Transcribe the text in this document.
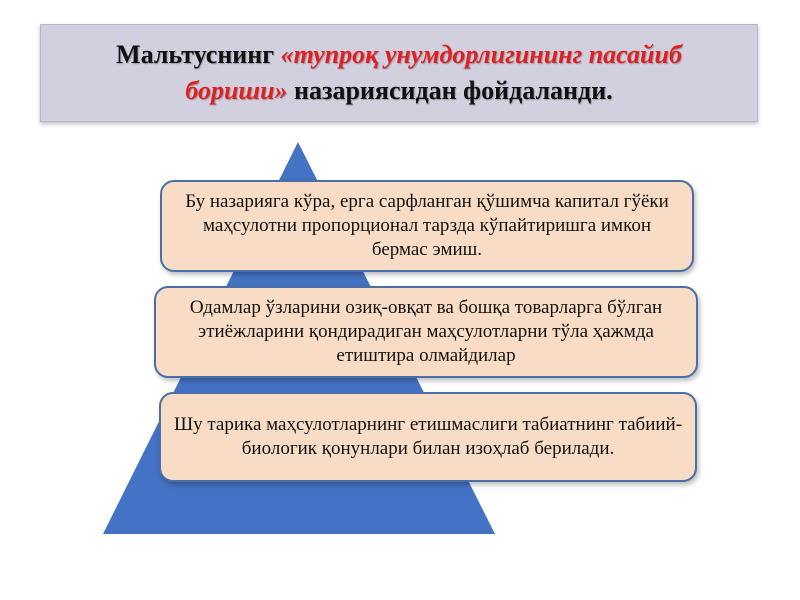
Мальтуснинг «тупроқ унумдорлигининг пасайиб бориши» назариясидан фойдаланди.
Бу назарияга кўра, ерга сарфланган қўшимча капитал гўёки маҳсулотни пропорционал тарзда кўпайтиришга имкон бермас эмиш.
Одамлар ўзларини озиқ-овқат ва бошқа товарларга бўлган этиёжларини қондирадиган маҳсулотларни тўла ҳажмда етиштира олмайдилар
Шу тарика маҳсулотларнинг етишмаслиги табиатнинг табиий-биологик қонунлари билан изоҳлаб берилади.
